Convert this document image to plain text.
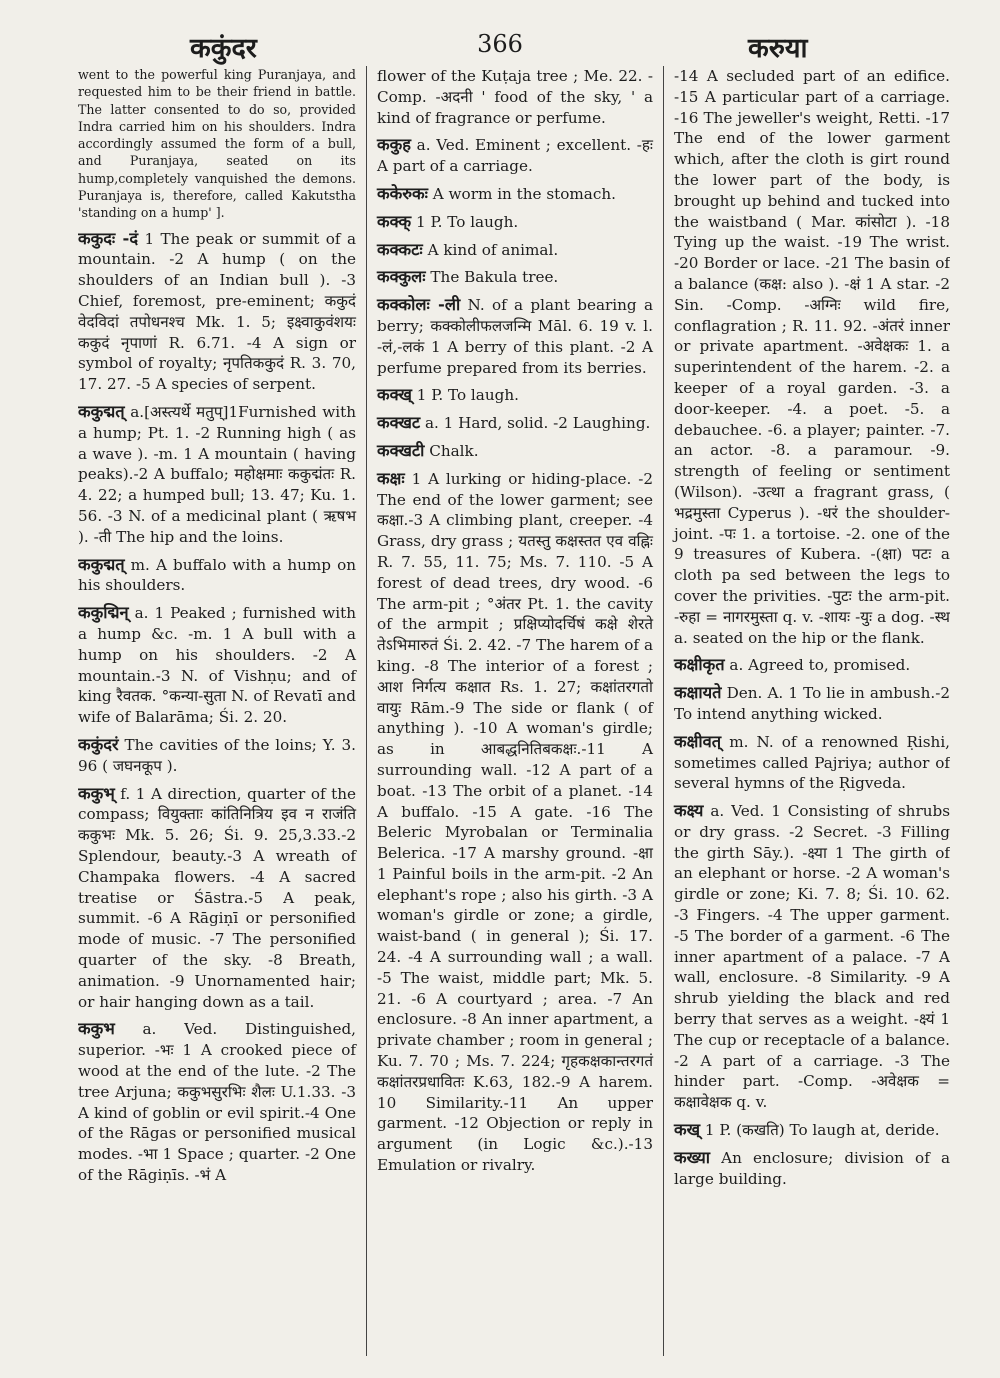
ककुंदर	366	करुया

went to the powerful king Puranjaya, and requested him to be their friend in battle. The latter consented to do so, provided Indra carried him on his shoulders. Indra accordingly assumed the form of a bull, and Puranjaya, seated on its hump,completely vanquished the demons. Puranjaya is, therefore, called Kakutstha 'standing on a hump' ].

ककुदः -दं 1 The peak or summit of a mountain. -2 A hump ( on the shoulders of an Indian bull ). -3 Chief, foremost, pre-eminent; ककुदं वेदविदां तपोधनश्च Mk. 1. 5; इक्ष्वाकुवंशयः ककुदं नृपाणां R. 6.71. -4 A sign or symbol of royalty; नृपतिककुदं R. 3. 70, 17. 27. -5 A species of serpent.

ककुद्मत् a.[अस्त्यर्थे मतुप्]1Furnished with a hump; Pt. 1. -2 Running high ( as a wave ). -m. 1 A mountain ( having peaks).-2 A buffalo; महोक्षमाः ककुद्मंतः R. 4. 22; a humped bull; 13. 47; Ku. 1. 56. -3 N. of a medicinal plant ( ऋषभ ). -ती The hip and the loins.

ककुद्मत् m. A buffalo with a hump on his shoulders.

ककुद्मिन् a. 1 Peaked ; furnished with a hump &c. -m. 1 A bull with a hump on his shoulders. -2 A mountain.-3 N. of Vishṇu; and of king रैवतक. °कन्या-सुता N. of Revatī and wife of Balarāma; Śi. 2. 20.

ककुंदरं The cavities of the loins; Y. 3. 96 ( जघनकूप ).

ककुभ् f. 1 A direction, quarter of the compass; वियुक्ताः कांतिनित्रिय इव न राजंति ककुभः Mk. 5. 26; Śi. 9. 25,3.33.-2 Splendour, beauty.-3 A wreath of Champaka flowers. -4 A sacred treatise or Śāstra.-5 A peak, summit. -6 A Rāgiṇī or personified mode of music. -7 The personified quarter of the sky. -8 Breath, animation. -9 Unornamented hair; or hair hanging down as a tail.

ककुभ a. Ved. Distinguished, superior. -भः 1 A crooked piece of wood at the end of the lute. -2 The tree Arjuna; ककुभसुरभिः शैलः U.1.33. -3 A kind of goblin or evil spirit.-4 One of the Rāgas or personified musical modes. -भा 1 Space ; quarter. -2 One of the Rāgiṇīs. -भं A

flower of the Kuṭaja tree ; Me. 22. -Comp. -अदनी ' food of the sky, ' a kind of fragrance or perfume.

ककुह a. Ved. Eminent ; excellent. -हः A part of a carriage.

ककेरुकः A worm in the stomach.

कक्क् 1 P. To laugh.

कक्कटः A kind of animal.

कक्कुलः The Bakula tree.

कक्कोलः -ली N. of a plant bearing a berry; कक्कोलीफलजन्मि Māl. 6. 19 v. l. -लं,-लकं 1 A berry of this plant. -2 A perfume prepared from its berries.

कक्ख् 1 P. To laugh.

कक्खट a. 1 Hard, solid. -2 Laughing.

कक्खटी Chalk.

कक्षः 1 A lurking or hiding-place. -2 The end of the lower garment; see कक्षा.-3 A climbing plant, creeper. -4 Grass, dry grass ; यतस्तु कक्षस्तत एव वह्निः R. 7. 55, 11. 75; Ms. 7. 110. -5 A forest of dead trees, dry wood. -6 The arm-pit ; °अंतर Pt. 1. the cavity of the armpit ; प्रक्षिप्योदर्चिषं कक्षे शेरते तेऽभिमारुतं Śi. 2. 42. -7 The harem of a king. -8 The interior of a forest ; आश निर्गत्य कक्षात Rs. 1. 27; कक्षांतरगतो वायुः Rām.-9 The side or flank ( of anything ). -10 A woman's girdle; as in आबद्धनितिबकक्षः.-11 A surrounding wall. -12 A part of a boat. -13 The orbit of a planet. -14 A buffalo. -15 A gate. -16 The Beleric Myrobalan or Terminalia Belerica. -17 A marshy ground. -क्षा 1 Painful boils in the arm-pit. -2 An elephant's rope ; also his girth. -3 A woman's girdle or zone; a girdle, waist-band ( in general ); Śi. 17. 24. -4 A surrounding wall ; a wall. -5 The waist, middle part; Mk. 5. 21. -6 A courtyard ; area. -7 An enclosure. -8 An inner apartment, a private chamber ; room in general ; Ku. 7. 70 ; Ms. 7. 224; गृहकक्षकान्तरगतं कक्षांतरप्रधावितः K.63, 182.-9 A harem. 10 Similarity.-11 An upper garment. -12 Objection or reply in argument (in Logic &c.).-13 Emulation or rivalry.

-14 A secluded part of an edifice. -15 A particular part of a carriage. -16 The jeweller's weight, Retti. -17 The end of the lower garment which, after the cloth is girt round the lower part of the body, is brought up behind and tucked into the waistband ( Mar. कांसोटा ). -18 Tying up the waist. -19 The wrist. -20 Border or lace. -21 The basin of a balance (कक्ष: also ). -क्षं 1 A star. -2 Sin. -Comp. -अग्निः wild fire, conflagration ; R. 11. 92. -अंतरं inner or private apartment. -अवेक्षकः 1. a superintendent of the harem. -2. a keeper of a royal garden. -3. a door-keeper. -4. a poet. -5. a debauchee. -6. a player; painter. -7. an actor. -8. a paramour. -9. strength of feeling or sentiment (Wilson). -उत्था a fragrant grass, ( भद्रमुस्ता Cyperus ). -धरं the shoulder-joint. -पः 1. a tortoise. -2. one of the 9 treasures of Kubera. -(क्षा) पटः a cloth pa sed between the legs to cover the privities. -पुटः the arm-pit. -रुहा = नागरमुस्ता q. v. -शायः -युः a dog. -स्थ a. seated on the hip or the flank.

कक्षीकृत a. Agreed to, promised.

कक्षायते Den. A. 1 To lie in ambush.-2 To intend anything wicked.

कक्षीवत् m. N. of a renowned Ṛishi, sometimes called Pajriya; author of several hymns of the Ṛigveda.

कक्ष्य a. Ved. 1 Consisting of shrubs or dry grass. -2 Secret. -3 Filling the girth Sāy.). -क्ष्या 1 The girth of an elephant or horse. -2 A woman's girdle or zone; Ki. 7. 8; Śi. 10. 62. -3 Fingers. -4 The upper garment. -5 The border of a garment. -6 The inner apartment of a palace. -7 A wall, enclosure. -8 Similarity. -9 A shrub yielding the black and red berry that serves as a weight. -क्ष्यं 1 The cup or receptacle of a balance. -2 A part of a carriage. -3 The hinder part. -Comp. -अवेक्षक = कक्षावेक्षक q. v.

कख् 1 P. (कखति) To laugh at, deride.

कख्या An enclosure; division of a large building.
